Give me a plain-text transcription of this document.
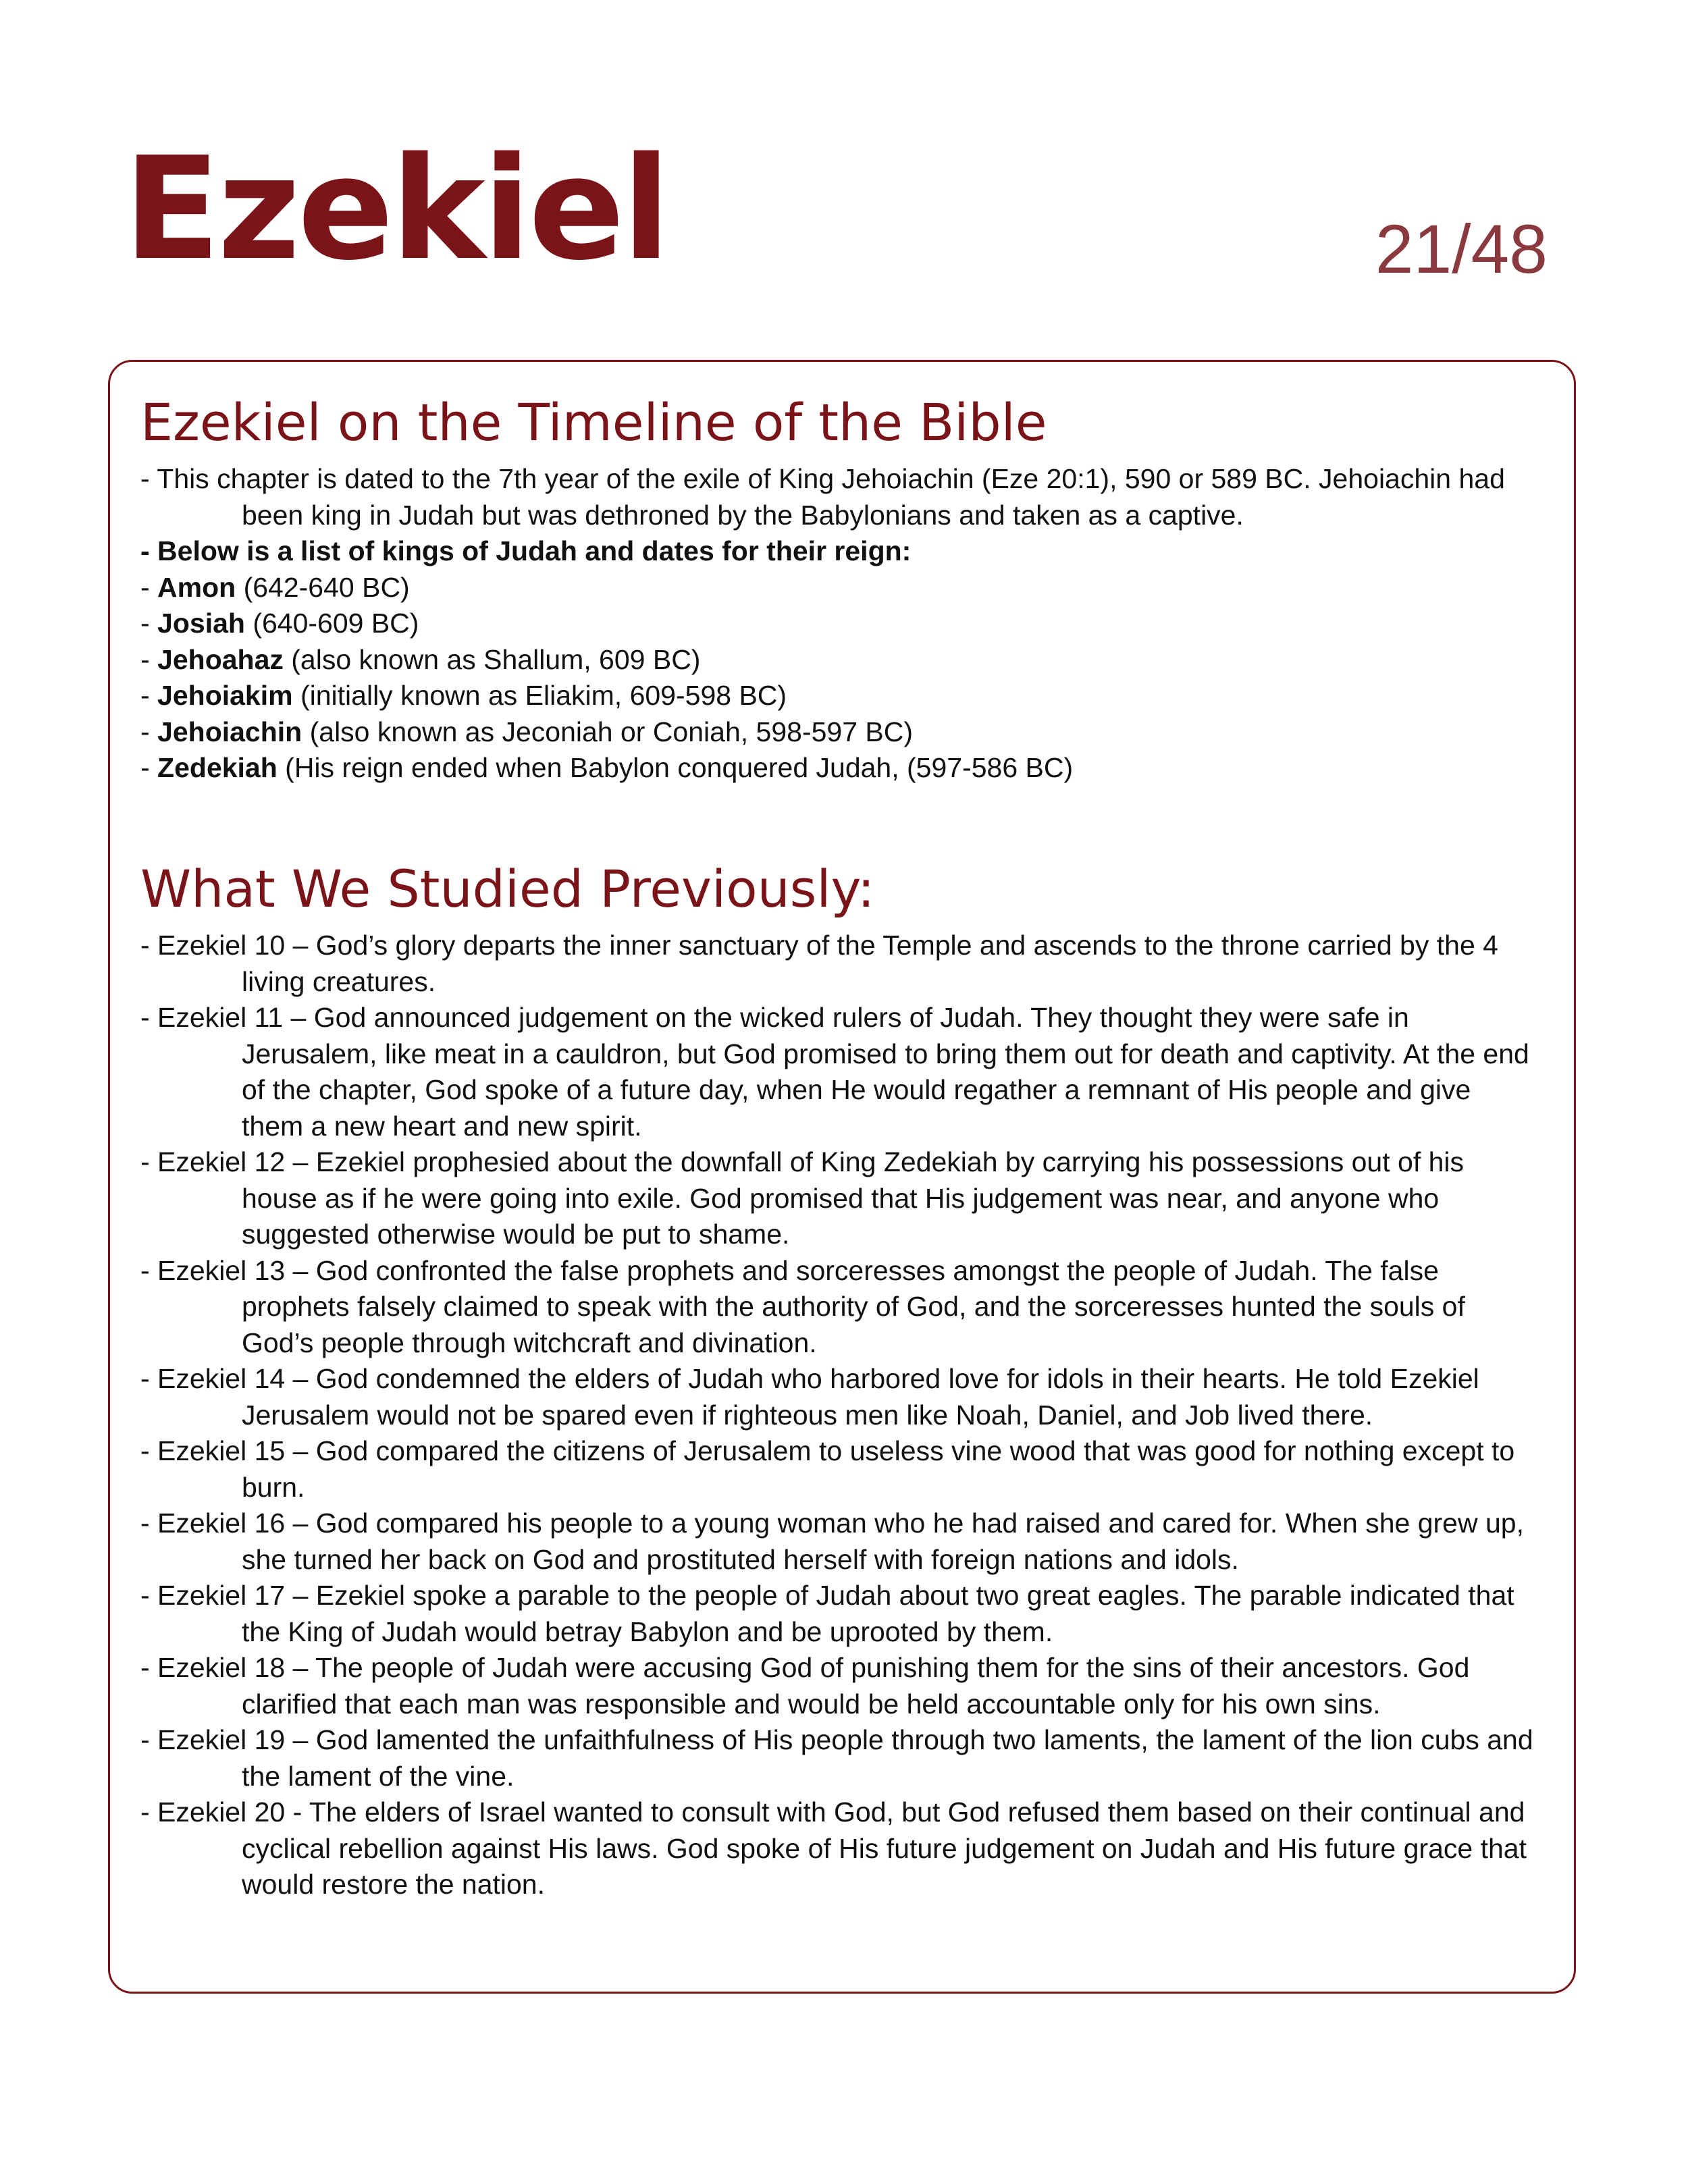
Ezekiel	21/48
Ezekiel on the Timeline of the Bible
- This chapter is dated to the 7th year of the exile of King Jehoiachin (Eze 20:1), 590 or 589 BC. Jehoiachin had been king in Judah but was dethroned by the Babylonians and taken as a captive.
- Below is a list of kings of Judah and dates for their reign:
- Amon (642-640 BC)
- Josiah (640-609 BC)
- Jehoahaz (also known as Shallum, 609 BC)
- Jehoiakim (initially known as Eliakim, 609-598 BC)
- Jehoiachin (also known as Jeconiah or Coniah, 598-597 BC)
- Zedekiah (His reign ended when Babylon conquered Judah, (597-586 BC)
What We Studied Previously:
- Ezekiel 10 – God’s glory departs the inner sanctuary of the Temple and ascends to the throne carried by the 4 living creatures.
- Ezekiel 11 – God announced judgement on the wicked rulers of Judah. They thought they were safe in Jerusalem, like meat in a cauldron, but God promised to bring them out for death and captivity. At the end of the chapter, God spoke of a future day, when He would regather a remnant of His people and give them a new heart and new spirit.
- Ezekiel 12 – Ezekiel prophesied about the downfall of King Zedekiah by carrying his possessions out of his house as if he were going into exile. God promised that His judgement was near, and anyone who suggested otherwise would be put to shame.
- Ezekiel 13 – God confronted the false prophets and sorceresses amongst the people of Judah. The false prophets falsely claimed to speak with the authority of God, and the sorceresses hunted the souls of God’s people through witchcraft and divination.
- Ezekiel 14 – God condemned the elders of Judah who harbored love for idols in their hearts. He told Ezekiel Jerusalem would not be spared even if righteous men like Noah, Daniel, and Job lived there.
- Ezekiel 15 – God compared the citizens of Jerusalem to useless vine wood that was good for nothing except to burn.
- Ezekiel 16 – God compared his people to a young woman who he had raised and cared for. When she grew up, she turned her back on God and prostituted herself with foreign nations and idols.
- Ezekiel 17 – Ezekiel spoke a parable to the people of Judah about two great eagles. The parable indicated that the King of Judah would betray Babylon and be uprooted by them.
- Ezekiel 18 – The people of Judah were accusing God of punishing them for the sins of their ancestors. God clarified that each man was responsible and would be held accountable only for his own sins.
- Ezekiel 19 – God lamented the unfaithfulness of His people through two laments, the lament of the lion cubs and the lament of the vine.
- Ezekiel 20 - The elders of Israel wanted to consult with God, but God refused them based on their continual and cyclical rebellion against His laws. God spoke of His future judgement on Judah and His future grace that would restore the nation.
